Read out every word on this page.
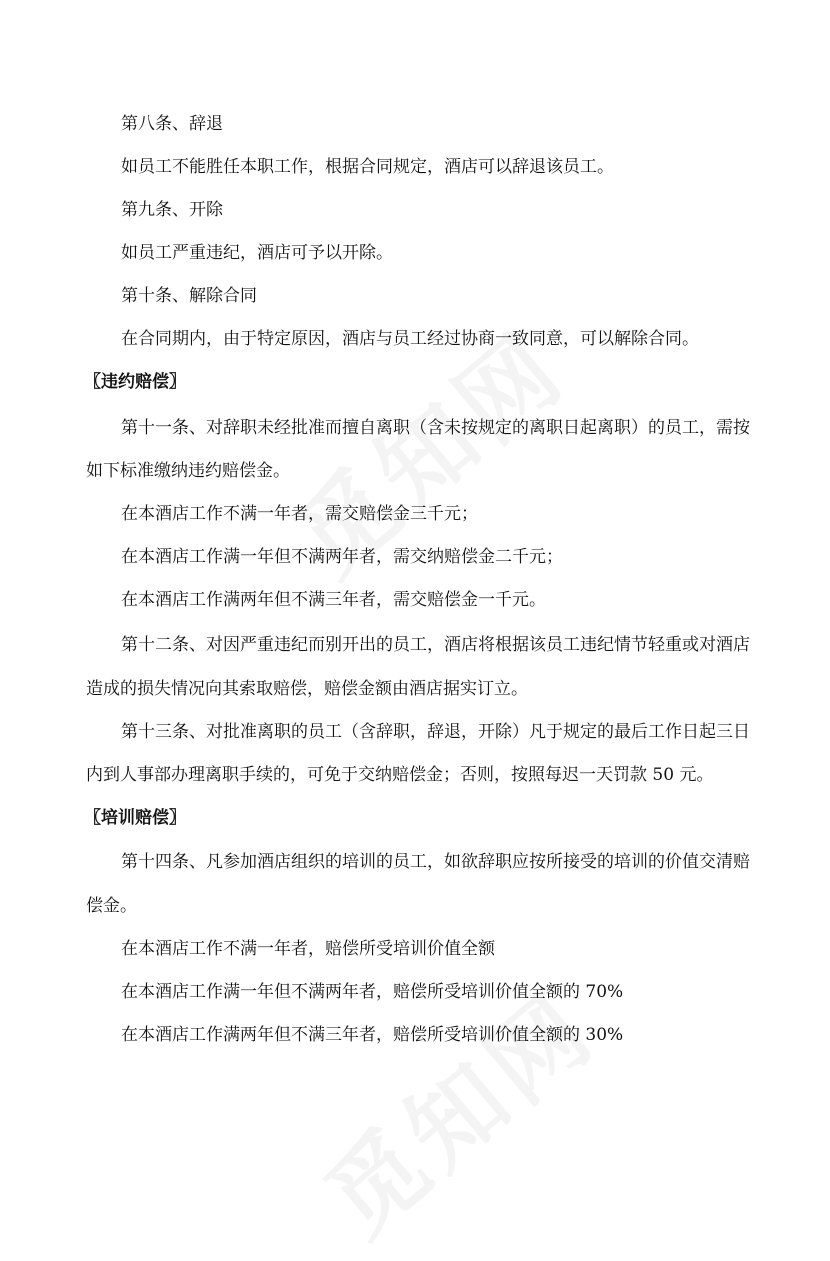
第八条、辞退
如员工不能胜任本职工作，根据合同规定，酒店可以辞退该员工。
第九条、开除
如员工严重违纪，酒店可予以开除。
第十条、解除合同
在合同期内，由于特定原因，酒店与员工经过协商一致同意，可以解除合同。
〖违约赔偿〗
第十一条、对辞职未经批准而擅自离职（含未按规定的离职日起离职）的员工，需按
如下标准缴纳违约赔偿金。
在本酒店工作不满一年者，需交赔偿金三千元；
在本酒店工作满一年但不满两年者，需交纳赔偿金二千元；
在本酒店工作满两年但不满三年者，需交赔偿金一千元。
第十二条、对因严重违纪而别开出的员工，酒店将根据该员工违纪情节轻重或对酒店
造成的损失情况向其索取赔偿，赔偿金额由酒店据实订立。
第十三条、对批准离职的员工（含辞职，辞退，开除）凡于规定的最后工作日起三日
内到人事部办理离职手续的，可免于交纳赔偿金；否则，按照每迟一天罚款 50 元。
〖培训赔偿〗
第十四条、凡参加酒店组织的培训的员工，如欲辞职应按所接受的培训的价值交清赔
偿金。
在本酒店工作不满一年者，赔偿所受培训价值全额
在本酒店工作满一年但不满两年者，赔偿所受培训价值全额的 70%
在本酒店工作满两年但不满三年者，赔偿所受培训价值全额的 30%
